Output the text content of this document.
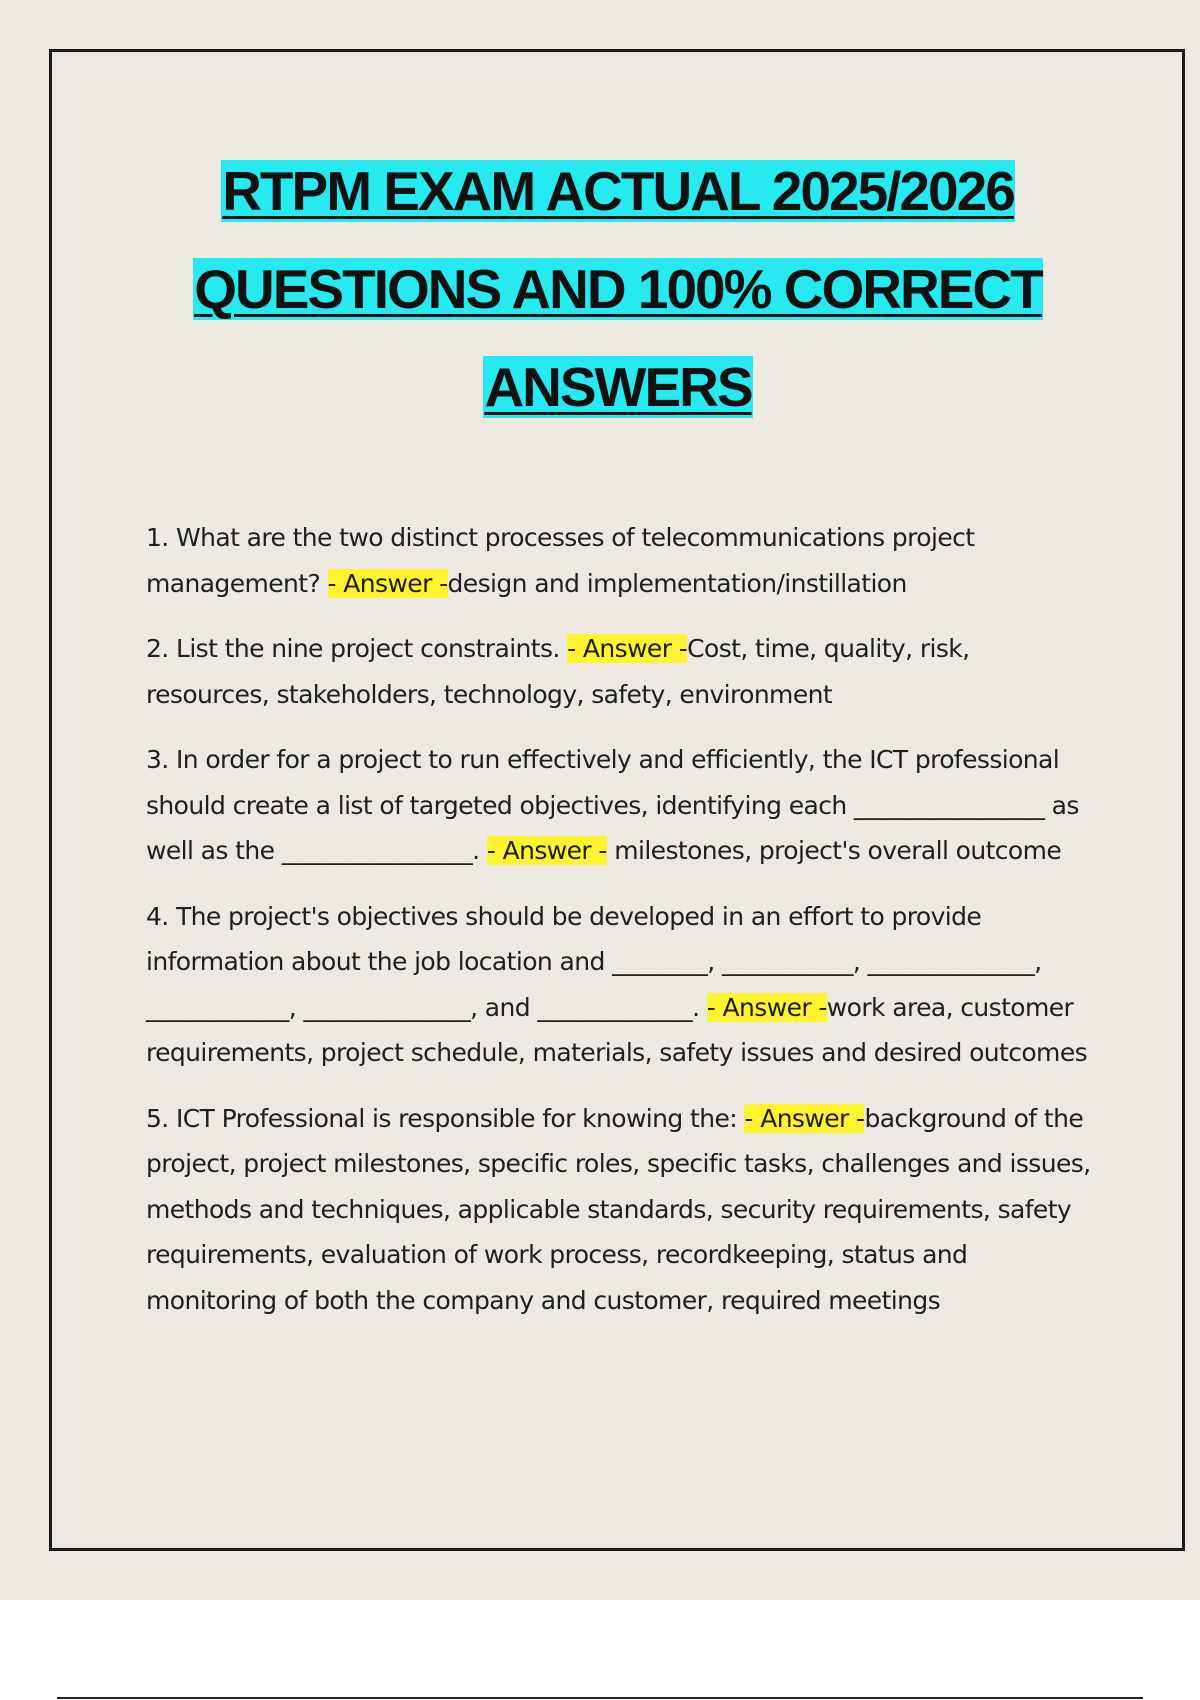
RTPM EXAM ACTUAL 2025/2026
QUESTIONS AND 100% CORRECT
ANSWERS

1. What are the two distinct processes of telecommunications project management? - Answer -design and implementation/instillation

2. List the nine project constraints. - Answer -Cost, time, quality, risk, resources, stakeholders, technology, safety, environment

3. In order for a project to run effectively and efficiently, the ICT professional should create a list of targeted objectives, identifying each ________________ as well as the ________________. - Answer - milestones, project's overall outcome

4. The project's objectives should be developed in an effort to provide information about the job location and ________, ___________, ______________, ____________, ______________, and _____________. - Answer -work area, customer requirements, project schedule, materials, safety issues and desired outcomes

5. ICT Professional is responsible for knowing the: - Answer -background of the project, project milestones, specific roles, specific tasks, challenges and issues, methods and techniques, applicable standards, security requirements, safety requirements, evaluation of work process, recordkeeping, status and monitoring of both the company and customer, required meetings
